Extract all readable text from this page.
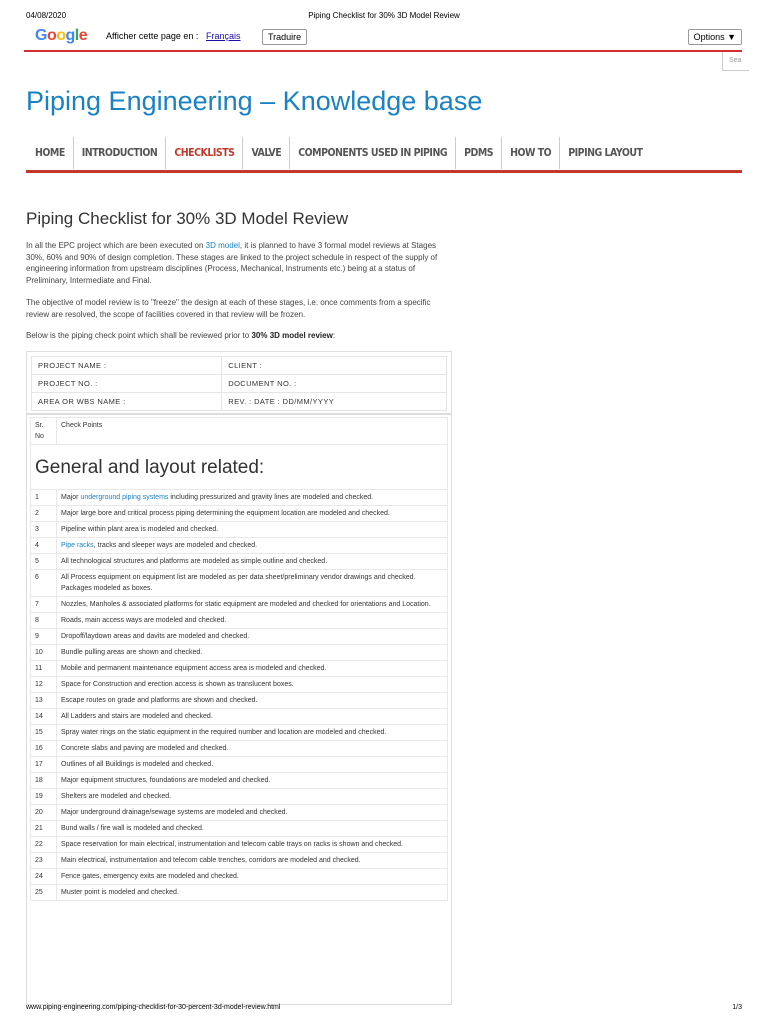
04/08/2020	Piping Checklist for 30% 3D Model Review
Google Afficher cette page en : Français	Traduire	Options ▼
Sea
Piping Engineering – Knowledge base
HOME	INTRODUCTION	CHECKLISTS	VALVE	COMPONENTS USED IN PIPING	PDMS	HOW TO	PIPING LAYOUT
Piping Checklist for 30% 3D Model Review

In all the EPC project which are been executed on 3D model, it is planned to have 3 formal model reviews at Stages 30%, 60% and 90% of design completion. These stages are linked to the project schedule in respect of the supply of engineering information from upstream disciplines (Process, Mechanical, Instruments etc.) being at a status of Preliminary, Intermediate and Final.

The objective of model review is to "freeze" the design at each of these stages, i.e. once comments from a specific review are resolved, the scope of facilities covered in that review will be frozen.

Below is the piping check point which shall be reviewed prior to 30% 3D model review:

PROJECT NAME :	CLIENT :
PROJECT NO. :	DOCUMENT NO. :
AREA OR WBS NAME :	REV. : DATE : DD/MM/YYYY
Sr. No	Check Points
General and layout related:	
1	Major underground piping systems including pressurized and gravity lines are modeled and checked.
2	Major large bore and critical process piping determining the equipment location are modeled and checked.
3	Pipeline within plant area is modeled and checked.
4	Pipe racks, tracks and sleeper ways are modeled and checked.
5	All technological structures and platforms are modeled as simple outline and checked.
6	All Process equipment on equipment list are modeled as per data sheet/preliminary vendor drawings and checked. Packages modeled as boxes.
7	Nozzles, Manholes & associated platforms for static equipment are modeled and checked for orientations and Location.
8	Roads, main access ways are modeled and checked.
9	Dropoff/laydown areas and davits are modeled and checked.
10	Bundle pulling areas are shown and checked.
11	Mobile and permanent maintenance equipment access area is modeled and checked.
12	Space for Construction and erection access is shown as translucent boxes.
13	Escape routes on grade and platforms are shown and checked.
14	All Ladders and stairs are modeled and checked.
15	Spray water rings on the static equipment in the required number and location are modeled and checked.
16	Concrete slabs and paving are modeled and checked.
17	Outlines of all Buildings is modeled and checked.
18	Major equipment structures, foundations are modeled and checked.
19	Shelters are modeled and checked.
20	Major underground drainage/sewage systems are modeled and checked.
21	Bund walls / fire wall is modeled and checked.
22	Space reservation for main electrical, instrumentation and telecom cable trays on racks is shown and checked.
23	Main electrical, instrumentation and telecom cable trenches, corridors are modeled and checked.
24	Fence gates, emergency exits are modeled and checked.
25	Muster point is modeled and checked.
www.piping-engineering.com/piping-checklist-for-30-percent-3d-model-review.html	1/3
